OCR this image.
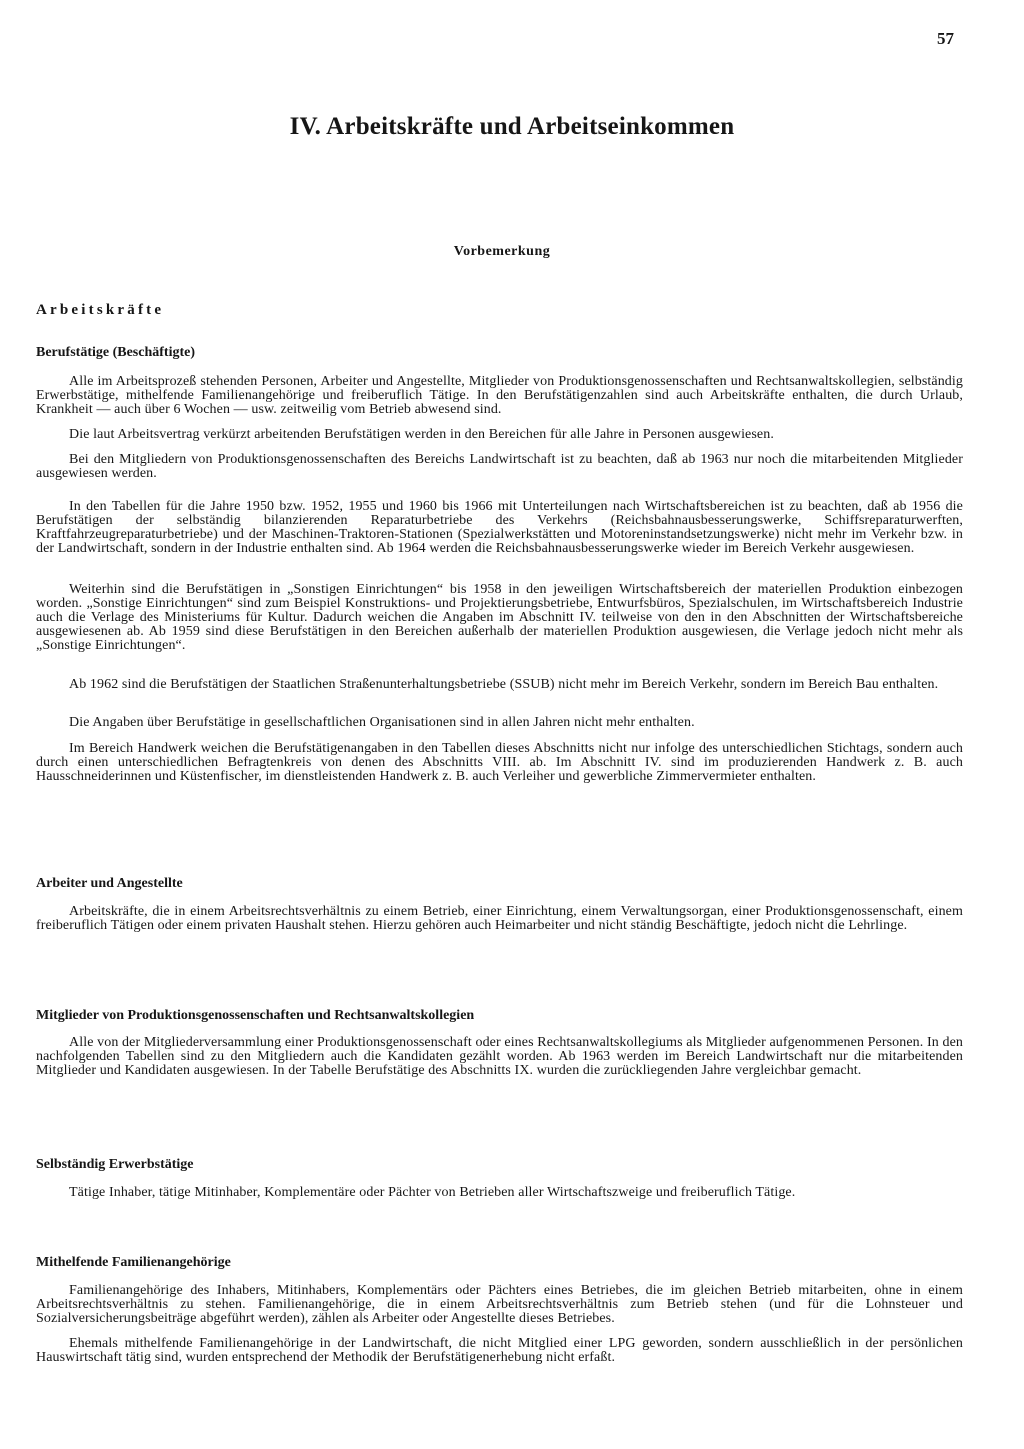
57
IV. Arbeitskräfte und Arbeitseinkommen
Vorbemerkung
Arbeitskräfte
Berufstätige (Beschäftigte)

Alle im Arbeitsprozeß stehenden Personen, Arbeiter und Angestellte, Mitglieder von Produktionsgenossenschaften und Rechtsanwaltskollegien, selbständig Erwerbstätige, mithelfende Familienangehörige und freiberuflich Tätige. In den Berufstätigenzahlen sind auch Arbeitskräfte enthalten, die durch Urlaub, Krankheit — auch über 6 Wochen — usw. zeitweilig vom Betrieb abwesend sind.

Die laut Arbeitsvertrag verkürzt arbeitenden Berufstätigen werden in den Bereichen für alle Jahre in Personen ausgewiesen.

Bei den Mitgliedern von Produktionsgenossenschaften des Bereichs Landwirtschaft ist zu beachten, daß ab 1963 nur noch die mitarbeitenden Mitglieder ausgewiesen werden.

In den Tabellen für die Jahre 1950 bzw. 1952, 1955 und 1960 bis 1966 mit Unterteilungen nach Wirtschaftsbereichen ist zu beachten, daß ab 1956 die Berufstätigen der selbständig bilanzierenden Reparaturbetriebe des Verkehrs (Reichsbahnausbesserungswerke, Schiffsreparaturwerften, Kraftfahrzeugreparaturbetriebe) und der Maschinen-Traktoren-Stationen (Spezialwerkstätten und Motoreninstandsetzungswerke) nicht mehr im Verkehr bzw. in der Landwirtschaft, sondern in der Industrie enthalten sind. Ab 1964 werden die Reichsbahnausbesserungswerke wieder im Bereich Verkehr ausgewiesen.

Weiterhin sind die Berufstätigen in „Sonstigen Einrichtungen“ bis 1958 in den jeweiligen Wirtschaftsbereich der materiellen Produktion einbezogen worden. „Sonstige Einrichtungen“ sind zum Beispiel Konstruktions- und Projektierungsbetriebe, Entwurfsbüros, Spezialschulen, im Wirtschaftsbereich Industrie auch die Verlage des Ministeriums für Kultur. Dadurch weichen die Angaben im Abschnitt IV. teilweise von den in den Abschnitten der Wirtschaftsbereiche ausgewiesenen ab. Ab 1959 sind diese Berufstätigen in den Bereichen außerhalb der materiellen Produktion ausgewiesen, die Verlage jedoch nicht mehr als „Sonstige Einrichtungen“.

Ab 1962 sind die Berufstätigen der Staatlichen Straßenunterhaltungsbetriebe (SSUB) nicht mehr im Bereich Verkehr, sondern im Bereich Bau enthalten.

Die Angaben über Berufstätige in gesellschaftlichen Organisationen sind in allen Jahren nicht mehr enthalten.

Im Bereich Handwerk weichen die Berufstätigenangaben in den Tabellen dieses Abschnitts nicht nur infolge des unterschiedlichen Stichtags, sondern auch durch einen unterschiedlichen Befragtenkreis von denen des Abschnitts VIII. ab. Im Abschnitt IV. sind im produzierenden Handwerk z. B. auch Hausschneiderinnen und Küstenfischer, im dienstleistenden Handwerk z. B. auch Verleiher und gewerbliche Zimmervermieter enthalten.

Arbeiter und Angestellte

Arbeitskräfte, die in einem Arbeitsrechtsverhältnis zu einem Betrieb, einer Einrichtung, einem Verwaltungsorgan, einer Produktionsgenossenschaft, einem freiberuflich Tätigen oder einem privaten Haushalt stehen. Hierzu gehören auch Heimarbeiter und nicht ständig Beschäftigte, jedoch nicht die Lehrlinge.

Mitglieder von Produktionsgenossenschaften und Rechtsanwaltskollegien

Alle von der Mitgliederversammlung einer Produktionsgenossenschaft oder eines Rechtsanwaltskollegiums als Mitglieder aufgenommenen Personen. In den nachfolgenden Tabellen sind zu den Mitgliedern auch die Kandidaten gezählt worden. Ab 1963 werden im Bereich Landwirtschaft nur die mitarbeitenden Mitglieder und Kandidaten ausgewiesen. In der Tabelle Berufstätige des Abschnitts IX. wurden die zurückliegenden Jahre vergleichbar gemacht.

Selbständig Erwerbstätige

Tätige Inhaber, tätige Mitinhaber, Komplementäre oder Pächter von Betrieben aller Wirtschaftszweige und freiberuflich Tätige.

Mithelfende Familienangehörige

Familienangehörige des Inhabers, Mitinhabers, Komplementärs oder Pächters eines Betriebes, die im gleichen Betrieb mitarbeiten, ohne in einem Arbeitsrechtsverhältnis zu stehen. Familienangehörige, die in einem Arbeitsrechtsverhältnis zum Betrieb stehen (und für die Lohnsteuer und Sozialversicherungsbeiträge abgeführt werden), zählen als Arbeiter oder Angestellte dieses Betriebes.

Ehemals mithelfende Familienangehörige in der Landwirtschaft, die nicht Mitglied einer LPG geworden, sondern ausschließlich in der persönlichen Hauswirtschaft tätig sind, wurden entsprechend der Methodik der Berufstätigenerhebung nicht erfaßt.
